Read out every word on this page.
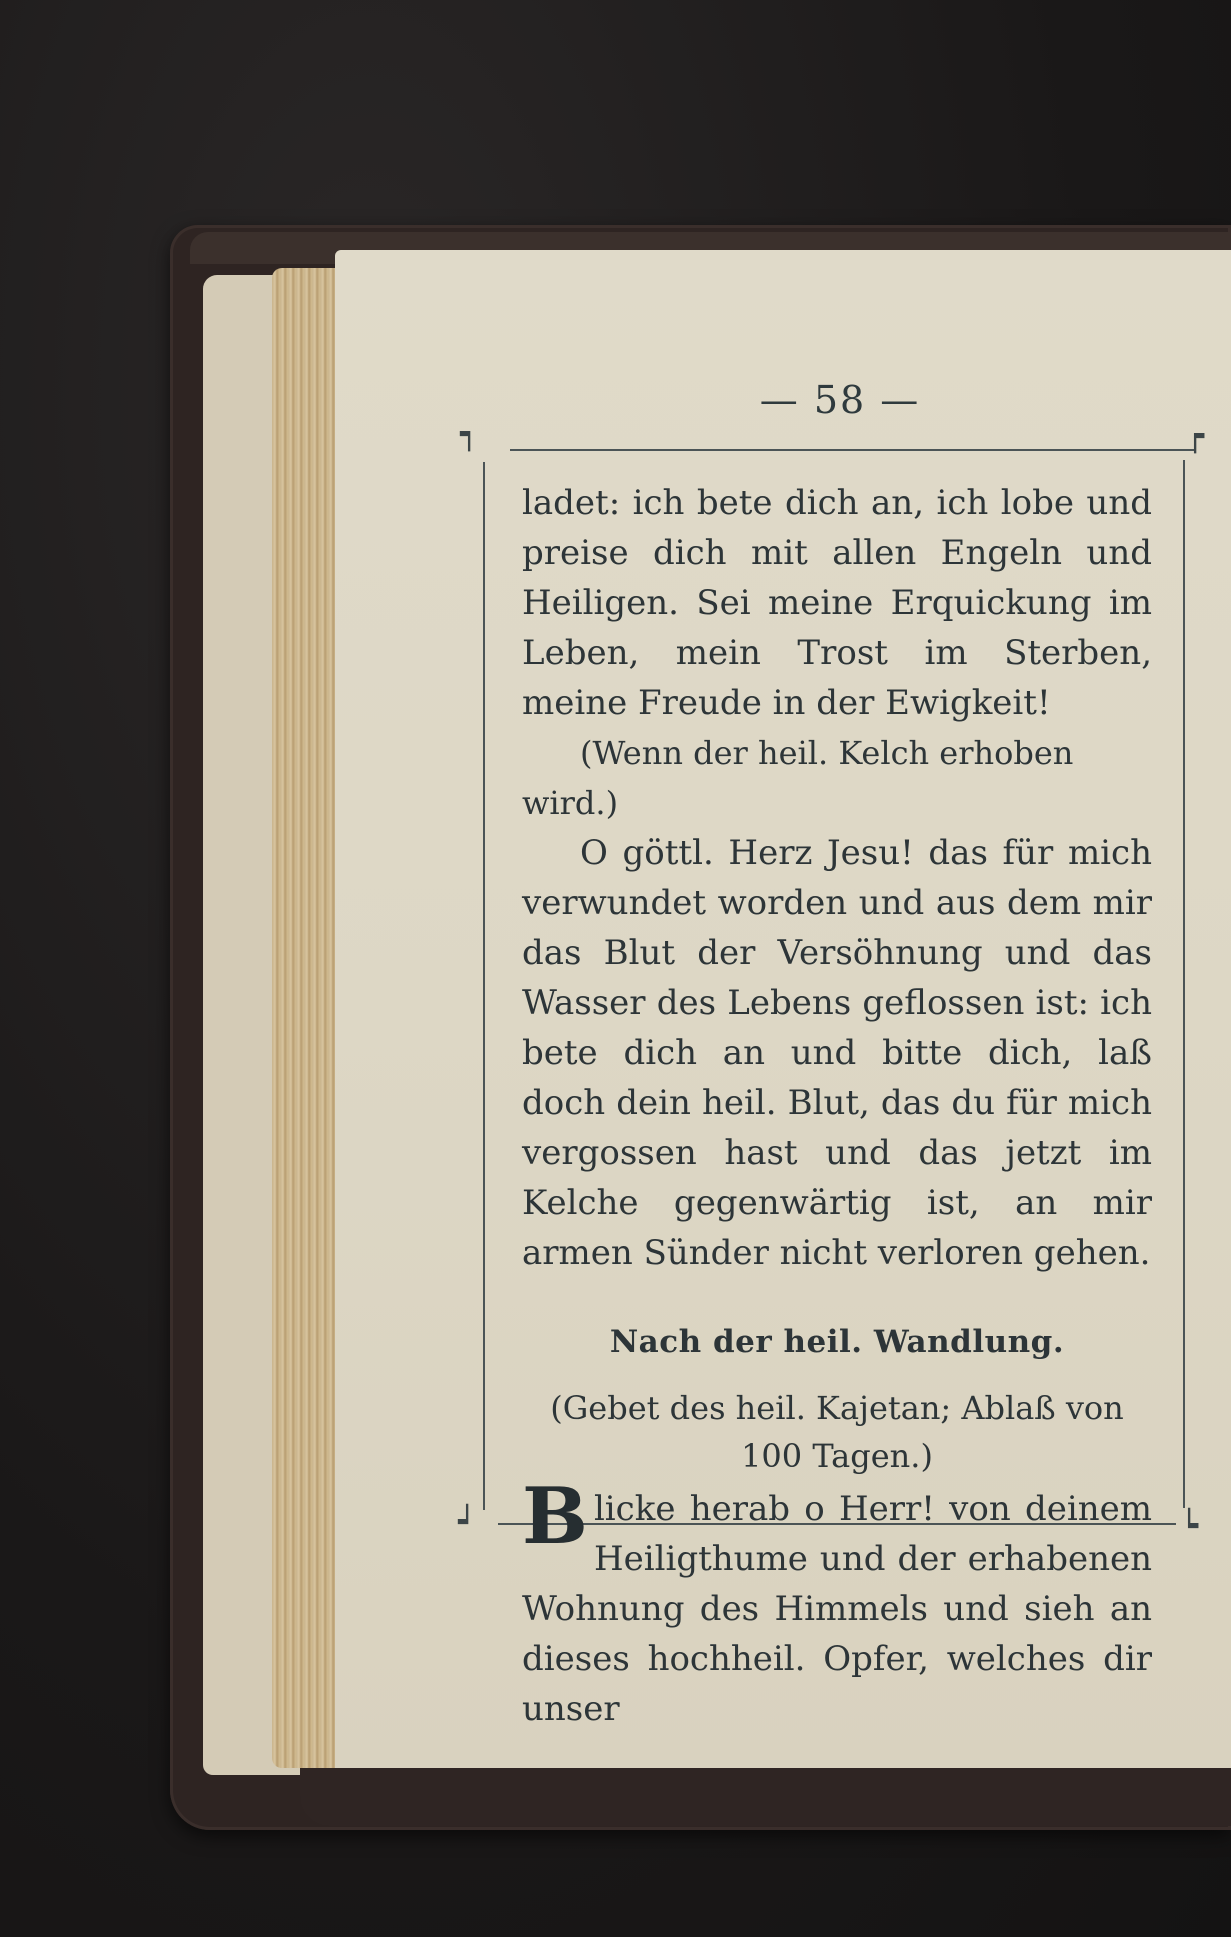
— 58 —
┑	┍
┙	┕

ladet: ich bete dich an, ich lobe und preise dich mit allen Engeln und Heiligen. Sei meine Erquickung im Leben, mein Trost im Sterben, meine Freude in der Ewigkeit!

(Wenn der heil. Kelch erhoben wird.)

O göttl. Herz Jesu! das für mich verwundet worden und aus dem mir das Blut der Versöhnung und das Wasser des Lebens geflossen ist: ich bete dich an und bitte dich, laß doch dein heil. Blut, das du für mich vergossen hast und das jetzt im Kelche gegenwärtig ist, an mir armen Sünder nicht verloren gehen.

Nach der heil. Wandlung.

(Gebet des heil. Kajetan; Ablaß von 100 Tagen.)

Blicke herab o Herr! von deinem Heiligthume und der erhabenen Wohnung des Himmels und sieh an dieses hochheil. Opfer, welches dir unser
